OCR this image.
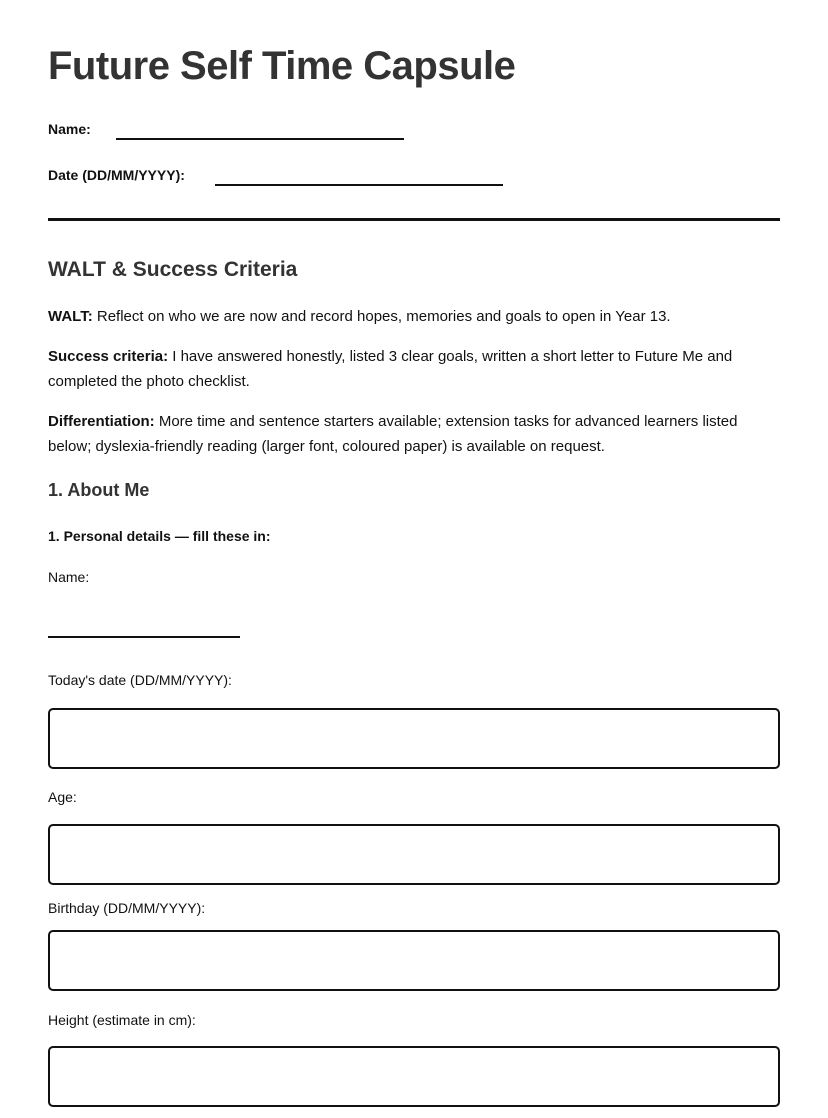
Future Self Time Capsule
Name:
Date (DD/MM/YYYY):
WALT & Success Criteria

WALT: Reflect on who we are now and record hopes, memories and goals to open in Year 13.

Success criteria: I have answered honestly, listed 3 clear goals, written a short letter to Future Me and completed the photo checklist.

Differentiation: More time and sentence starters available; extension tasks for advanced learners listed below; dyslexia-friendly reading (larger font, coloured paper) is available on request.

1. About Me
1. Personal details — fill these in:
Name:
Today's date (DD/MM/YYYY):
Age:
Birthday (DD/MM/YYYY):
Height (estimate in cm):
